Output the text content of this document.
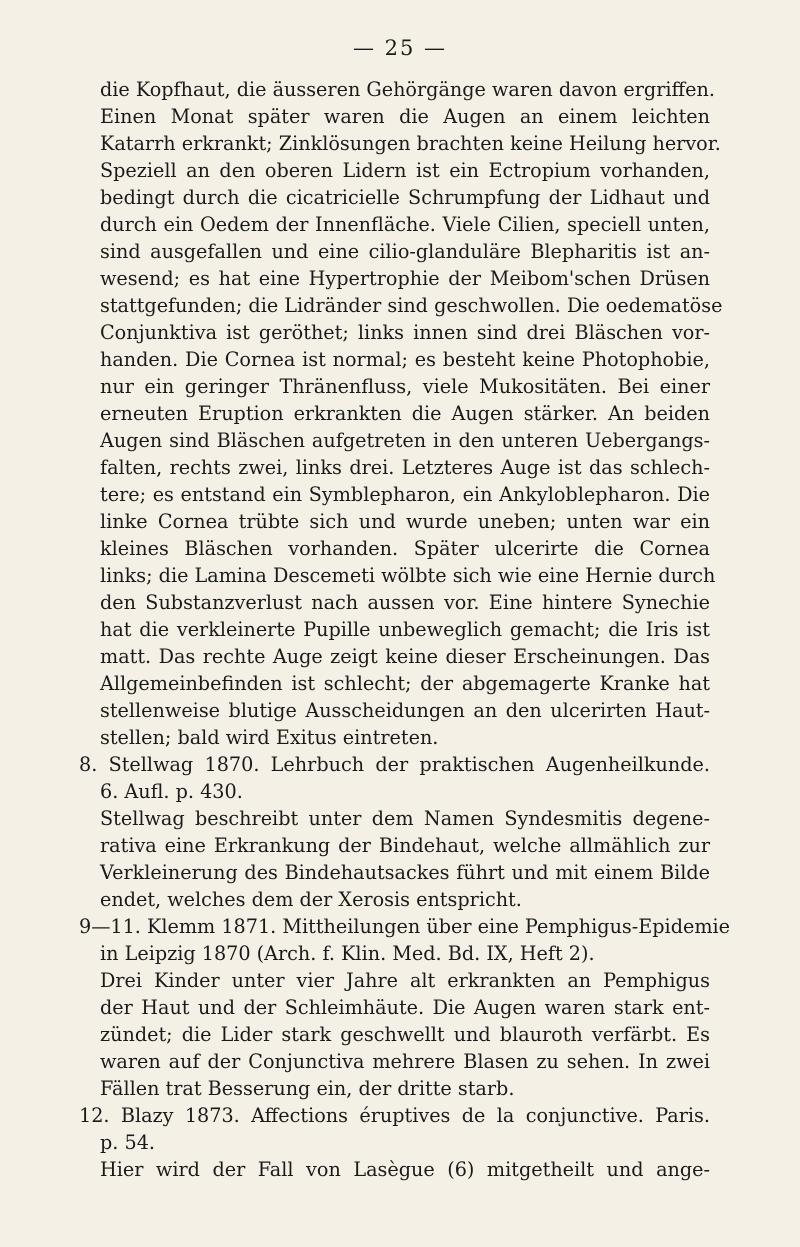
— 25 —
die Kopfhaut, die äusseren Gehörgänge waren davon ergriffen.
Einen Monat später waren die Augen an einem leichten
Katarrh erkrankt; Zinklösungen brachten keine Heilung hervor.
Speziell an den oberen Lidern ist ein Ectropium vorhanden,
bedingt durch die cicatricielle Schrumpfung der Lidhaut und
durch ein Oedem der Innenfläche. Viele Cilien, speciell unten,
sind ausgefallen und eine cilio-glanduläre Blepharitis ist an-
wesend; es hat eine Hypertrophie der Meibom'schen Drüsen
stattgefunden; die Lidränder sind geschwollen. Die oedematöse
Conjunktiva ist geröthet; links innen sind drei Bläschen vor-
handen. Die Cornea ist normal; es besteht keine Photophobie,
nur ein geringer Thränenfluss, viele Mukositäten. Bei einer
erneuten Eruption erkrankten die Augen stärker. An beiden
Augen sind Bläschen aufgetreten in den unteren Uebergangs-
falten, rechts zwei, links drei. Letzteres Auge ist das schlech-
tere; es entstand ein Symblepharon, ein Ankyloblepharon. Die
linke Cornea trübte sich und wurde uneben; unten war ein
kleines Bläschen vorhanden. Später ulcerirte die Cornea
links; die Lamina Descemeti wölbte sich wie eine Hernie durch
den Substanzverlust nach aussen vor. Eine hintere Synechie
hat die verkleinerte Pupille unbeweglich gemacht; die Iris ist
matt. Das rechte Auge zeigt keine dieser Erscheinungen. Das
Allgemeinbefinden ist schlecht; der abgemagerte Kranke hat
stellenweise blutige Ausscheidungen an den ulcerirten Haut-
stellen; bald wird Exitus eintreten.
8. Stellwag 1870. Lehrbuch der praktischen Augenheilkunde.
6. Aufl. p. 430.
Stellwag beschreibt unter dem Namen Syndesmitis degene-
rativa eine Erkrankung der Bindehaut, welche allmählich zur
Verkleinerung des Bindehautsackes führt und mit einem Bilde
endet, welches dem der Xerosis entspricht.
9—11. Klemm 1871. Mittheilungen über eine Pemphigus-Epidemie
in Leipzig 1870 (Arch. f. Klin. Med. Bd. IX, Heft 2).
Drei Kinder unter vier Jahre alt erkrankten an Pemphigus
der Haut und der Schleimhäute. Die Augen waren stark ent-
zündet; die Lider stark geschwellt und blauroth verfärbt. Es
waren auf der Conjunctiva mehrere Blasen zu sehen. In zwei
Fällen trat Besserung ein, der dritte starb.
12. Blazy 1873. Affections éruptives de la conjunctive. Paris.
p. 54.
Hier wird der Fall von Lasègue (6) mitgetheilt und ange-
